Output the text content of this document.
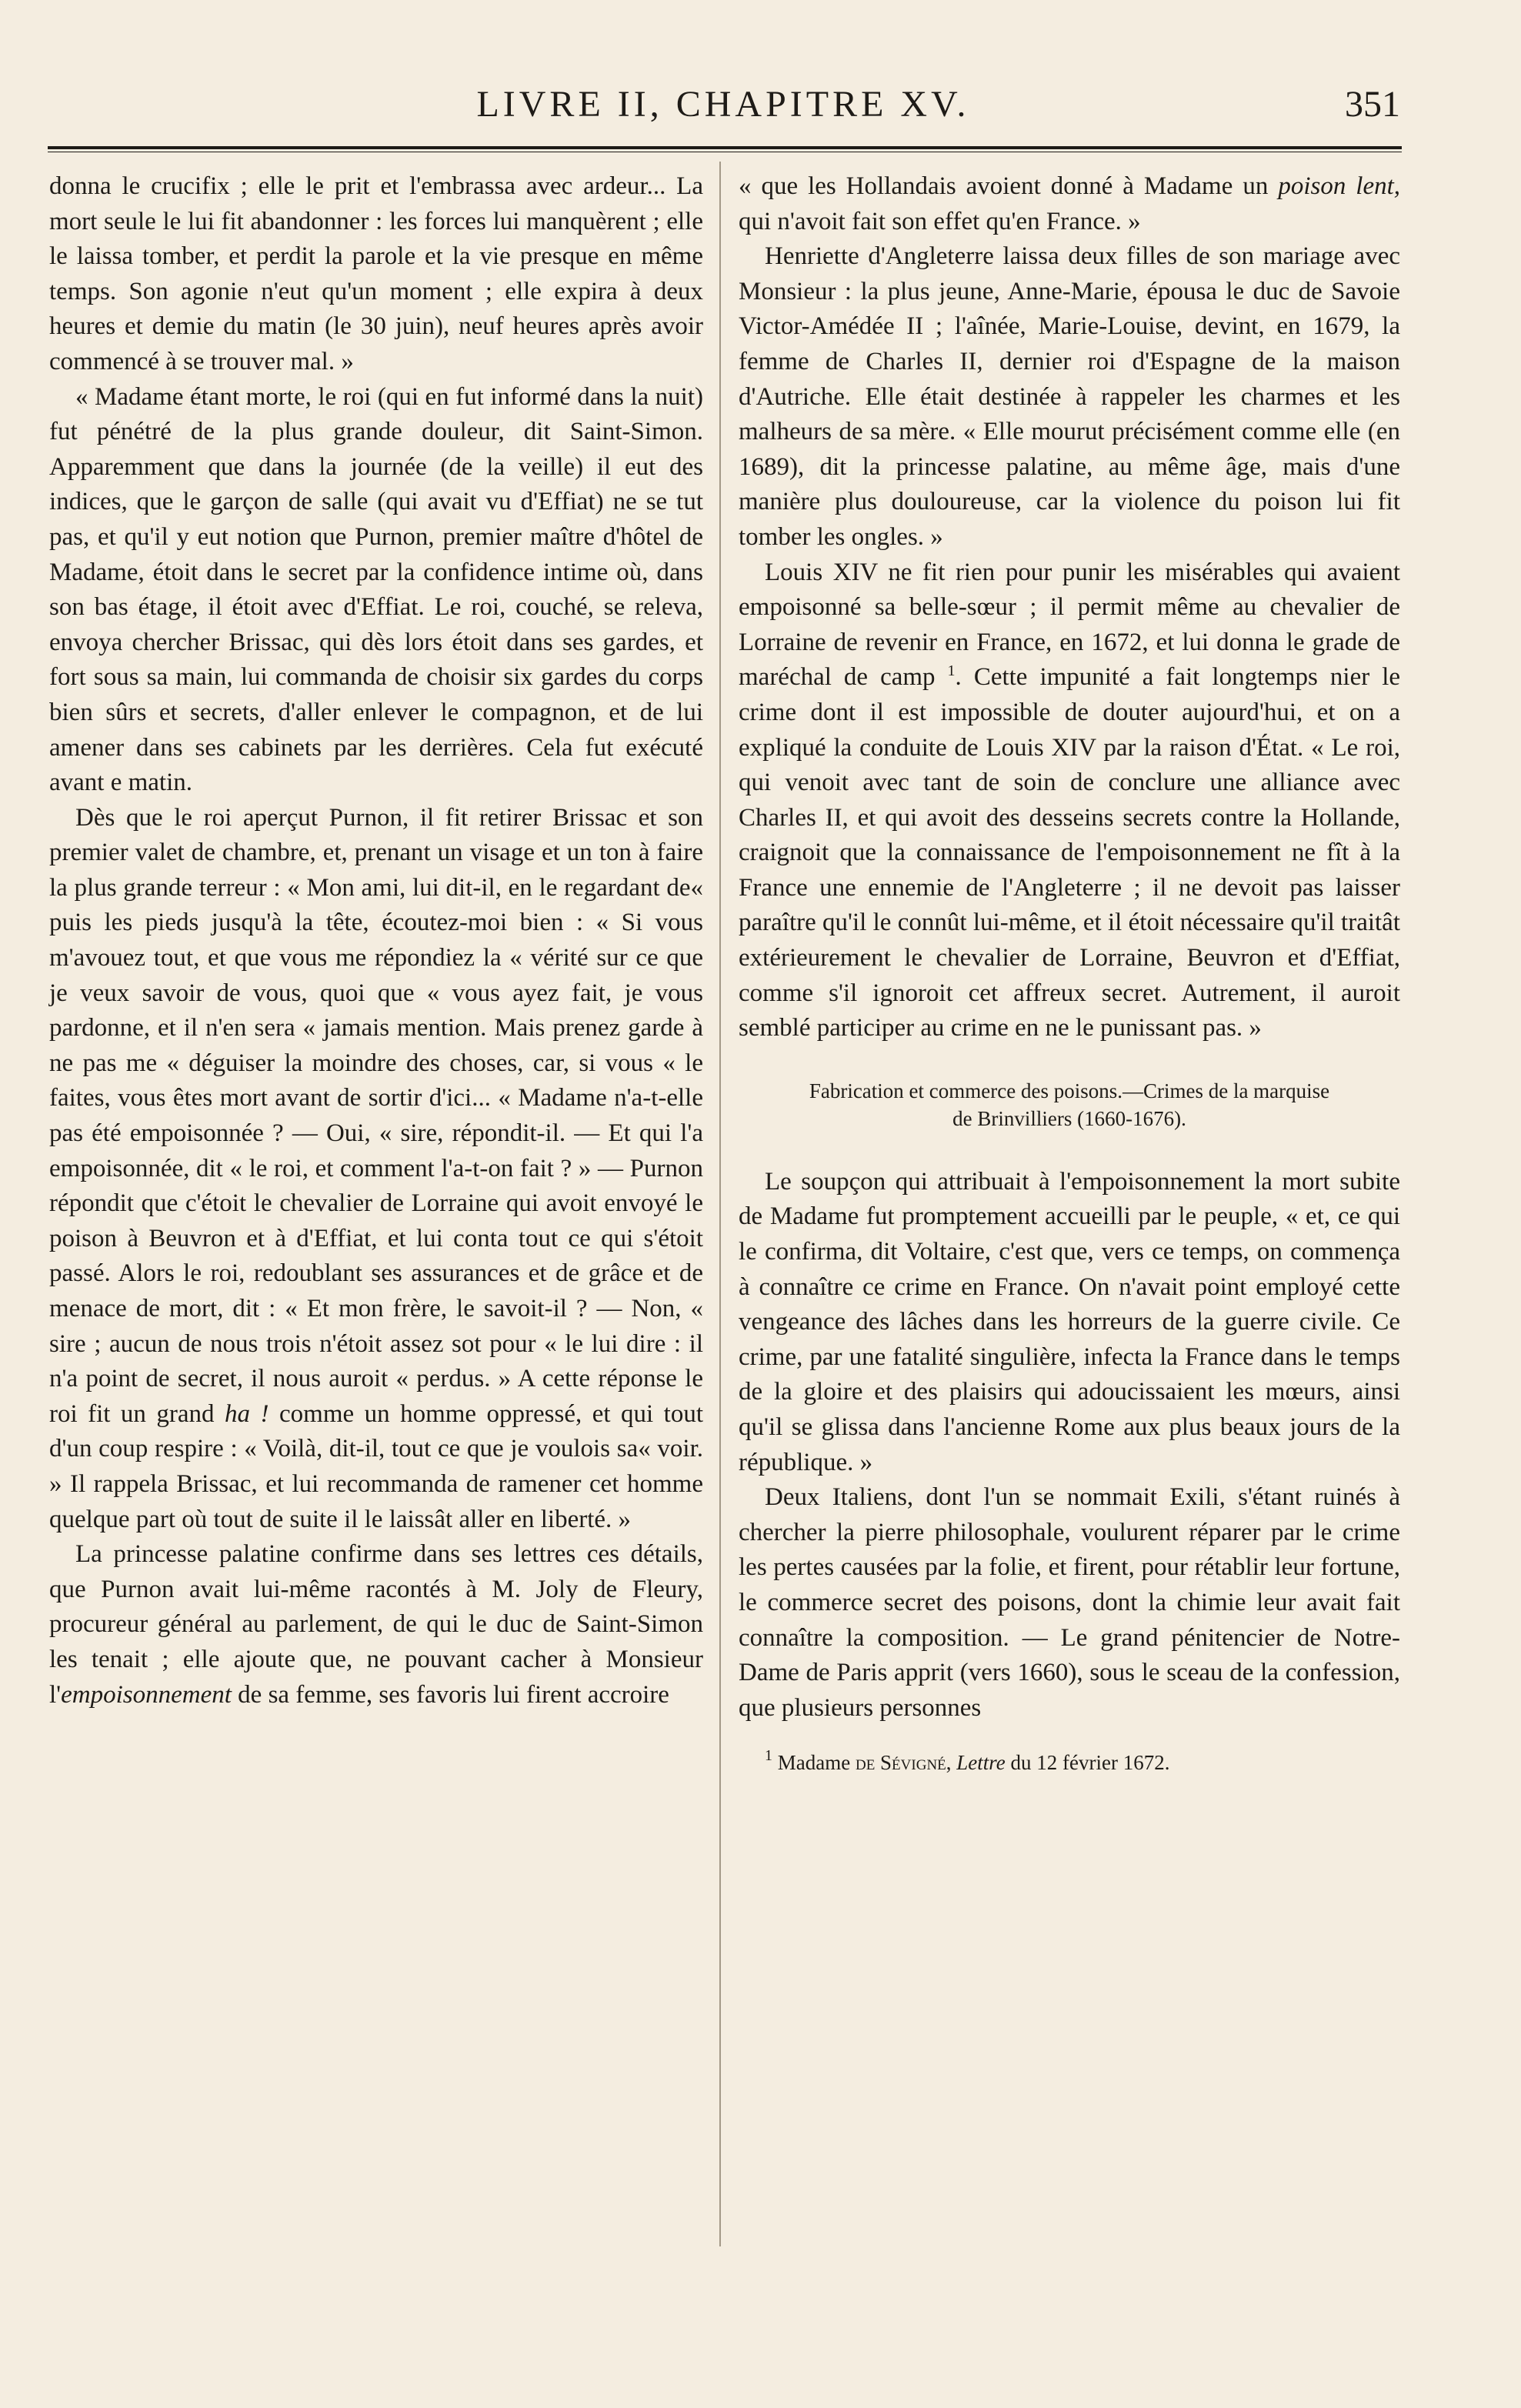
LIVRE II, CHAPITRE XV.	351

donna le crucifix ; elle le prit et l'embrassa avec ardeur... La mort seule le lui fit abandonner : les forces lui manquèrent ; elle le laissa tomber, et perdit la parole et la vie presque en même temps. Son agonie n'eut qu'un moment ; elle expira à deux heures et demie du matin (le 30 juin), neuf heures après avoir commencé à se trouver mal. »

« Madame étant morte, le roi (qui en fut informé dans la nuit) fut pénétré de la plus grande douleur, dit Saint-Simon. Apparemment que dans la journée (de la veille) il eut des indices, que le garçon de salle (qui avait vu d'Effiat) ne se tut pas, et qu'il y eut notion que Purnon, premier maître d'hôtel de Madame, étoit dans le secret par la confidence intime où, dans son bas étage, il étoit avec d'Effiat. Le roi, couché, se releva, envoya chercher Brissac, qui dès lors étoit dans ses gardes, et fort sous sa main, lui commanda de choisir six gardes du corps bien sûrs et secrets, d'aller enlever le compagnon, et de lui amener dans ses cabinets par les derrières. Cela fut exécuté avant e matin.

Dès que le roi aperçut Purnon, il fit retirer Brissac et son premier valet de chambre, et, prenant un visage et un ton à faire la plus grande terreur : « Mon ami, lui dit-il, en le regardant de« puis les pieds jusqu'à la tête, écoutez-moi bien : « Si vous m'avouez tout, et que vous me répondiez la « vérité sur ce que je veux savoir de vous, quoi que « vous ayez fait, je vous pardonne, et il n'en sera « jamais mention. Mais prenez garde à ne pas me « déguiser la moindre des choses, car, si vous « le faites, vous êtes mort avant de sortir d'ici... « Madame n'a-t-elle pas été empoisonnée ? — Oui, « sire, répondit-il. — Et qui l'a empoisonnée, dit « le roi, et comment l'a-t-on fait ? » — Purnon répondit que c'étoit le chevalier de Lorraine qui avoit envoyé le poison à Beuvron et à d'Effiat, et lui conta tout ce qui s'étoit passé. Alors le roi, redoublant ses assurances et de grâce et de menace de mort, dit : « Et mon frère, le savoit-il ? — Non, « sire ; aucun de nous trois n'étoit assez sot pour « le lui dire : il n'a point de secret, il nous auroit « perdus. » A cette réponse le roi fit un grand ha ! comme un homme oppressé, et qui tout d'un coup respire : « Voilà, dit-il, tout ce que je voulois sa« voir. » Il rappela Brissac, et lui recommanda de ramener cet homme quelque part où tout de suite il le laissât aller en liberté. »

La princesse palatine confirme dans ses lettres ces détails, que Purnon avait lui-même racontés à M. Joly de Fleury, procureur général au parlement, de qui le duc de Saint-Simon les tenait ; elle ajoute que, ne pouvant cacher à Monsieur l'empoisonnement de sa femme, ses favoris lui firent accroire

« que les Hollandais avoient donné à Madame un poison lent, qui n'avoit fait son effet qu'en France. »

Henriette d'Angleterre laissa deux filles de son mariage avec Monsieur : la plus jeune, Anne-Marie, épousa le duc de Savoie Victor-Amédée II ; l'aînée, Marie-Louise, devint, en 1679, la femme de Charles II, dernier roi d'Espagne de la maison d'Autriche. Elle était destinée à rappeler les charmes et les malheurs de sa mère. « Elle mourut précisément comme elle (en 1689), dit la princesse palatine, au même âge, mais d'une manière plus douloureuse, car la violence du poison lui fit tomber les ongles. »

Louis XIV ne fit rien pour punir les misérables qui avaient empoisonné sa belle-sœur ; il permit même au chevalier de Lorraine de revenir en France, en 1672, et lui donna le grade de maréchal de camp $^1$. Cette impunité a fait longtemps nier le crime dont il est impossible de douter aujourd'hui, et on a expliqué la conduite de Louis XIV par la raison d'État. « Le roi, qui venoit avec tant de soin de conclure une alliance avec Charles II, et qui avoit des desseins secrets contre la Hollande, craignoit que la connaissance de l'empoisonnement ne fît à la France une ennemie de l'Angleterre ; il ne devoit pas laisser paraître qu'il le connût lui-même, et il étoit nécessaire qu'il traitât extérieurement le chevalier de Lorraine, Beuvron et d'Effiat, comme s'il ignoroit cet affreux secret. Autrement, il auroit semblé participer au crime en ne le punissant pas. »

Fabrication et commerce des poisons.—Crimes de la marquise
de Brinvilliers (1660-1676).

Le soupçon qui attribuait à l'empoisonnement la mort subite de Madame fut promptement accueilli par le peuple, « et, ce qui le confirma, dit Voltaire, c'est que, vers ce temps, on commença à connaître ce crime en France. On n'avait point employé cette vengeance des lâches dans les horreurs de la guerre civile. Ce crime, par une fatalité singulière, infecta la France dans le temps de la gloire et des plaisirs qui adoucissaient les mœurs, ainsi qu'il se glissa dans l'ancienne Rome aux plus beaux jours de la république. »

Deux Italiens, dont l'un se nommait Exili, s'étant ruinés à chercher la pierre philosophale, voulurent réparer par le crime les pertes causées par la folie, et firent, pour rétablir leur fortune, le commerce secret des poisons, dont la chimie leur avait fait connaître la composition. — Le grand pénitencier de Notre-Dame de Paris apprit (vers 1660), sous le sceau de la confession, que plusieurs personnes

$^1$ Madame de Sévigné, Lettre du 12 février 1672.
